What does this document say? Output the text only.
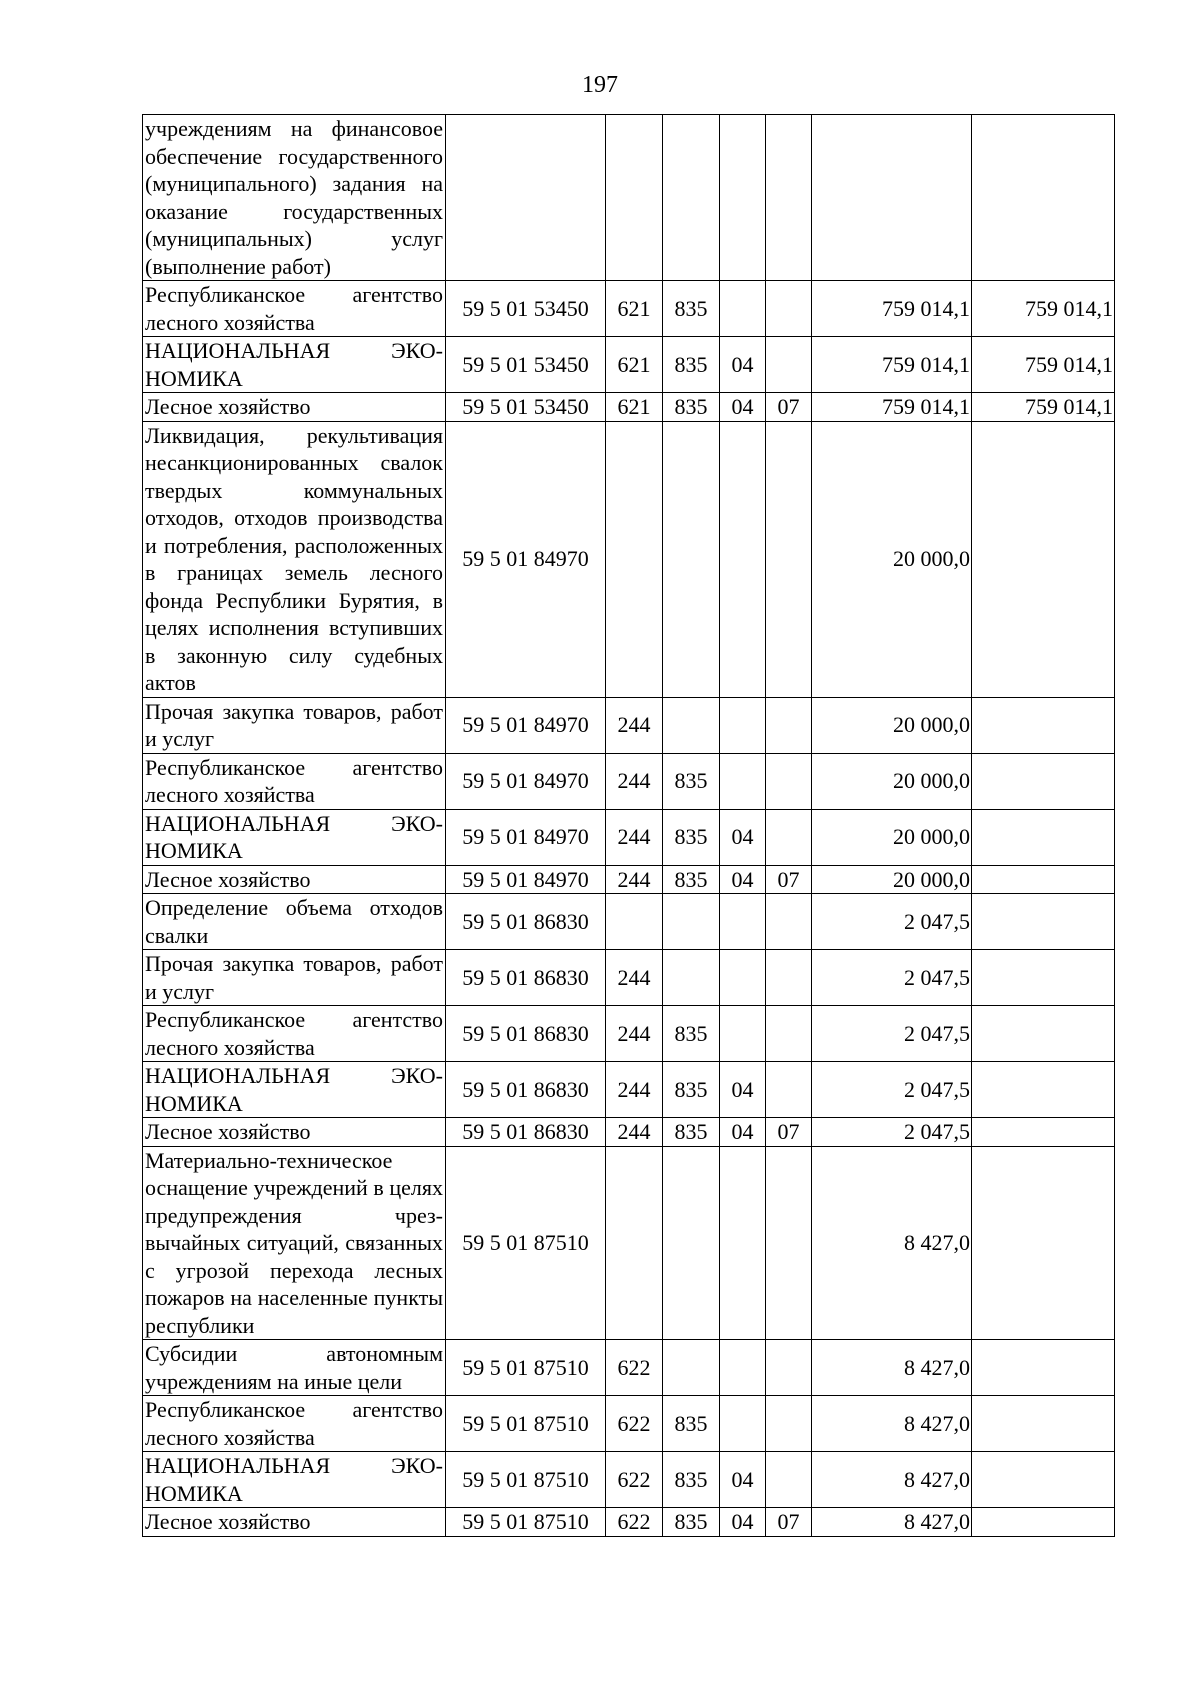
197
учреждениям на финансовое обеспечение государственного (муниципального) задания на оказание государственных (муниципальных) услуг (выполнение работ)							
Республиканское агентство лесного хозяйства	59 5 01 53450	621	835			759 014,1	759 014,1
НАЦИОНАЛЬНАЯ ЭКОНОМИКА	59 5 01 53450	621	835	04		759 014,1	759 014,1
Лесное хозяйство	59 5 01 53450	621	835	04	07	759 014,1	759 014,1
Ликвидация, рекультивация несанкционированных свалок твердых коммунальных отходов, отходов производства и потребления, расположенных в границах земель лесного фонда Республики Бурятия, в целях исполнения вступивших в законную силу судебных актов	59 5 01 84970					20 000,0	
Прочая закупка товаров, работ и услуг	59 5 01 84970	244				20 000,0	
Республиканское агентство лесного хозяйства	59 5 01 84970	244	835			20 000,0	
НАЦИОНАЛЬНАЯ ЭКОНОМИКА	59 5 01 84970	244	835	04		20 000,0	
Лесное хозяйство	59 5 01 84970	244	835	04	07	20 000,0	
Определение объема отходов свалки	59 5 01 86830					2 047,5	
Прочая закупка товаров, работ и услуг	59 5 01 86830	244				2 047,5	
Республиканское агентство лесного хозяйства	59 5 01 86830	244	835			2 047,5	
НАЦИОНАЛЬНАЯ ЭКОНОМИКА	59 5 01 86830	244	835	04		2 047,5	
Лесное хозяйство	59 5 01 86830	244	835	04	07	2 047,5	
Материально-техническое оснащение учреждений в целях предупреждения чрезвычайных ситуаций, связанных с угрозой перехода лесных пожаров на населенные пункты республики	59 5 01 87510					8 427,0	
Субсидии автономным учреждениям на иные цели	59 5 01 87510	622				8 427,0	
Республиканское агентство лесного хозяйства	59 5 01 87510	622	835			8 427,0	
НАЦИОНАЛЬНАЯ ЭКОНОМИКА	59 5 01 87510	622	835	04		8 427,0	
Лесное хозяйство	59 5 01 87510	622	835	04	07	8 427,0	
